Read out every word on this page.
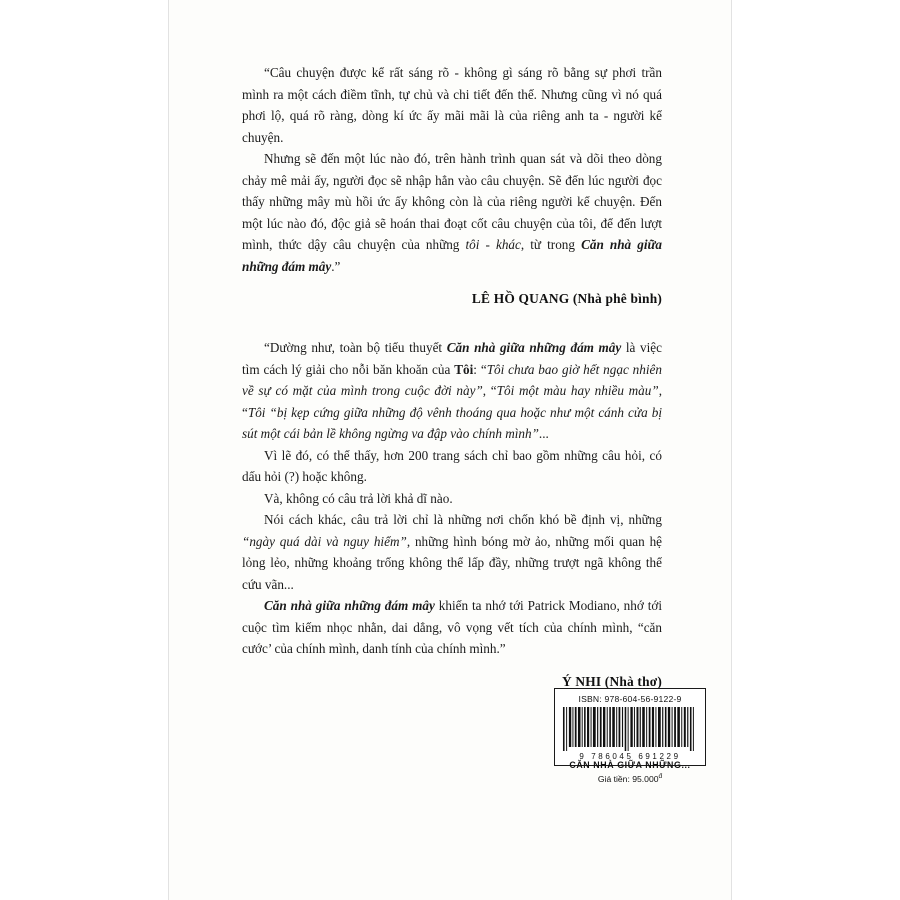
“Câu chuyện được kể rất sáng rõ - không gì sáng rõ bằng sự phơi trần mình ra một cách điềm tĩnh, tự chủ và chi tiết đến thế. Nhưng cũng vì nó quá phơi lộ, quá rõ ràng, dòng kí ức ấy mãi mãi là của riêng anh ta - người kể chuyện.

Nhưng sẽ đến một lúc nào đó, trên hành trình quan sát và dõi theo dòng chảy mê mải ấy, người đọc sẽ nhập hẳn vào câu chuyện. Sẽ đến lúc người đọc thấy những mây mù hồi ức ấy không còn là của riêng người kể chuyện. Đến một lúc nào đó, độc giả sẽ hoán thai đoạt cốt câu chuyện của tôi, để đến lượt mình, thức dậy câu chuyện của những tôi - khác, từ trong Căn nhà giữa những đám mây.”

LÊ HỒ QUANG (Nhà phê bình)

“Dường như, toàn bộ tiểu thuyết Căn nhà giữa những đám mây là việc tìm cách lý giải cho nỗi băn khoăn của Tôi: “Tôi chưa bao giờ hết ngạc nhiên về sự có mặt của mình trong cuộc đời này”, “Tôi một màu hay nhiều màu”, “Tôi “bị kẹp cứng giữa những độ vênh thoáng qua hoặc như một cánh cửa bị sút một cái bản lề không ngừng va đập vào chính mình”...

Vì lẽ đó, có thể thấy, hơn 200 trang sách chỉ bao gồm những câu hỏi, có dấu hỏi (?) hoặc không.

Và, không có câu trả lời khả dĩ nào.

Nói cách khác, câu trả lời chỉ là những nơi chốn khó bề định vị, những “ngày quá dài và nguy hiểm”, những hình bóng mờ ảo, những mối quan hệ lỏng lẻo, những khoảng trống không thể lấp đầy, những trượt ngã không thể cứu vãn...

Căn nhà giữa những đám mây khiến ta nhớ tới Patrick Modiano, nhớ tới cuộc tìm kiếm nhọc nhằn, dai dẳng, vô vọng vết tích của chính mình, “căn cước’ của chính mình, danh tính của chính mình.”

Ý NHI (Nhà thơ)

ISBN: 978-604-56-9122-9
9 786045 691229
CĂN NHÀ GIỮA NHỮNG...
Giá tiền: $95.000^đ$
